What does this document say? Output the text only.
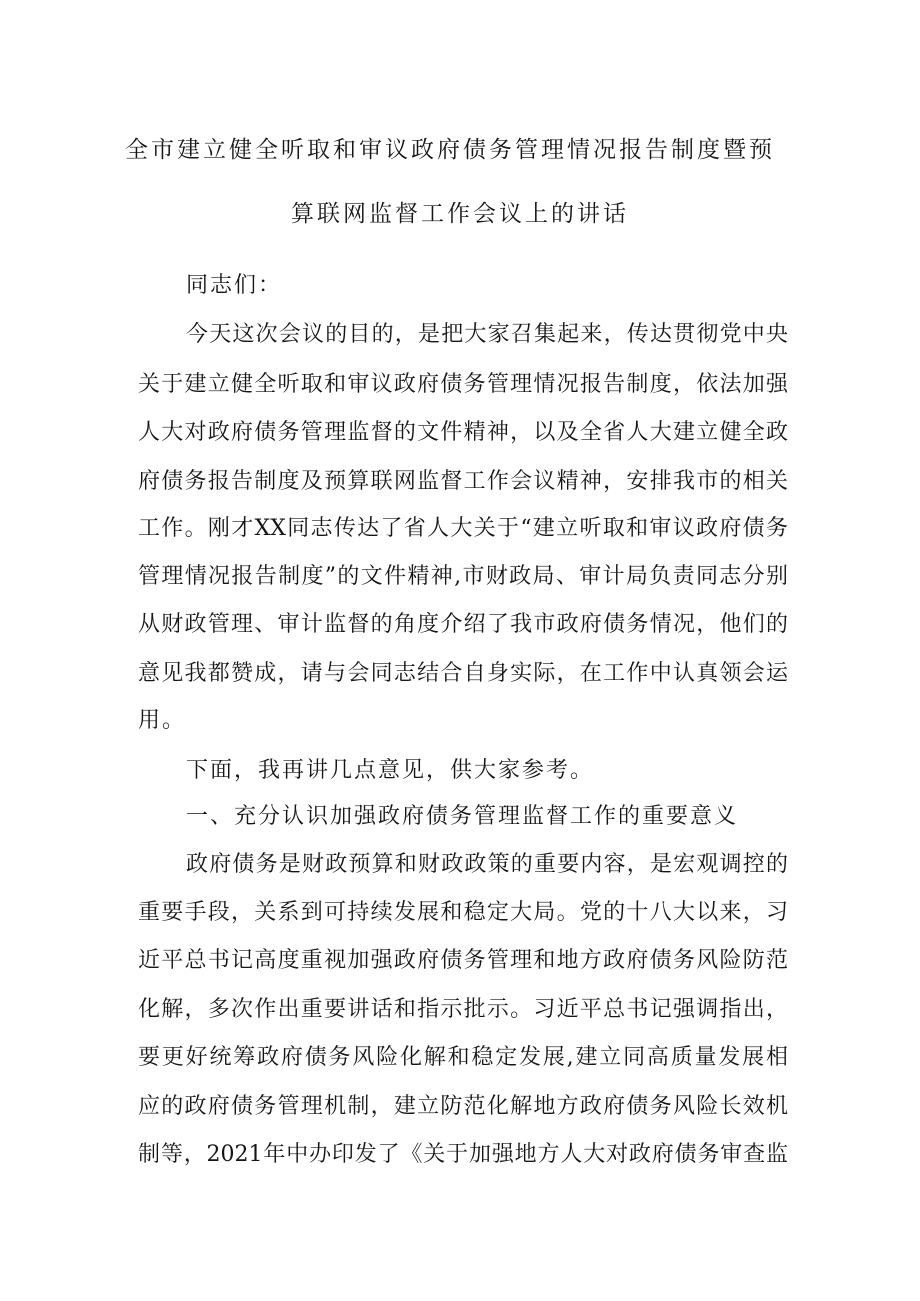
全市建立健全听取和审议政府债务管理情况报告制度暨预
算联网监督工作会议上的讲话
同志们：
今天这次会议的目的，是把大家召集起来，传达贯彻党中央
关于建立健全听取和审议政府债务管理情况报告制度，依法加强
人大对政府债务管理监督的文件精神，以及全省人大建立健全政
府债务报告制度及预算联网监督工作会议精神，安排我市的相关
工作。刚才XX同志传达了省人大关于“建立听取和审议政府债务
管理情况报告制度”的文件精神,市财政局、审计局负责同志分别
从财政管理、审计监督的角度介绍了我市政府债务情况，他们的
意见我都赞成，请与会同志结合自身实际，在工作中认真领会运
用。
下面，我再讲几点意见，供大家参考。
一、充分认识加强政府债务管理监督工作的重要意义
政府债务是财政预算和财政政策的重要内容，是宏观调控的
重要手段，关系到可持续发展和稳定大局。党的十八大以来，习
近平总书记高度重视加强政府债务管理和地方政府债务风险防范
化解，多次作出重要讲话和指示批示。习近平总书记强调指出，
要更好统筹政府债务风险化解和稳定发展,建立同高质量发展相
应的政府债务管理机制，建立防范化解地方政府债务风险长效机
制等，2021年中办印发了《关于加强地方人大对政府债务审查监
